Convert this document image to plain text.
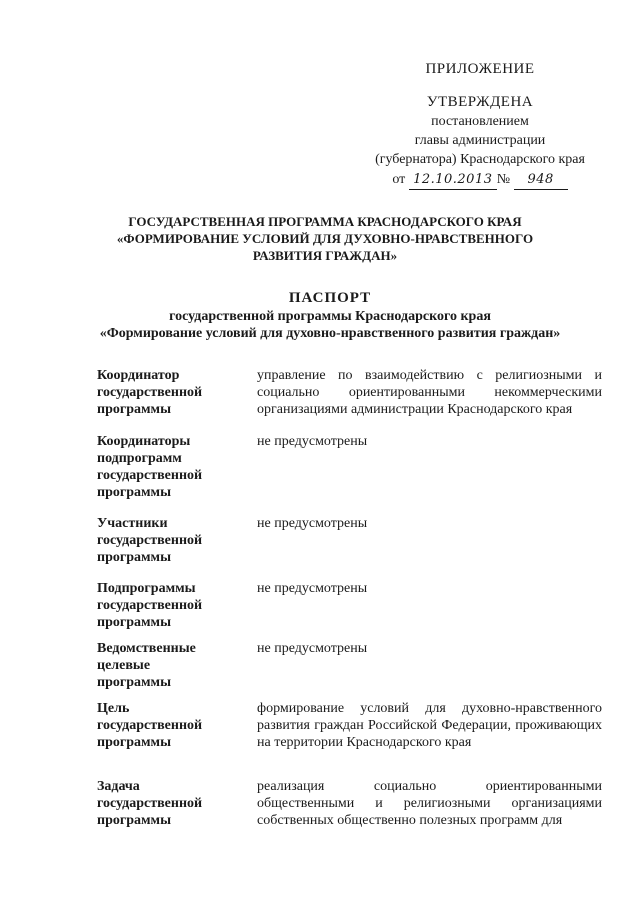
ПРИЛОЖЕНИЕ
УТВЕРЖДЕНА
постановлением
главы администрации
(губернатора) Краснодарского края
от 12.10.2013 № 948
ГОСУДАРСТВЕННАЯ ПРОГРАММА КРАСНОДАРСКОГО КРАЯ
«ФОРМИРОВАНИЕ УСЛОВИЙ ДЛЯ ДУХОВНО-НРАВСТВЕННОГО
РАЗВИТИЯ ГРАЖДАН»
ПАСПОРТ
государственной программы Краснодарского края
«Формирование условий для духовно-нравственного развития граждан»
Координатор
государственной
программы
управление по взаимодействию с религиозными и социально ориентированными некоммерческими организациями администрации Краснодарского края
Координаторы
подпрограмм
государственной
программы
не предусмотрены
Участники
государственной
программы
не предусмотрены
Подпрограммы
государственной
программы
не предусмотрены
Ведомственные
целевые
программы
не предусмотрены
Цель
государственной
программы
формирование условий для духовно-нравственного развития граждан Российской Федерации, проживающих на территории Краснодарского края
Задача
государственной
программы
реализация социально ориентированными общественными и религиозными организациями собственных общественно полезных программ для
